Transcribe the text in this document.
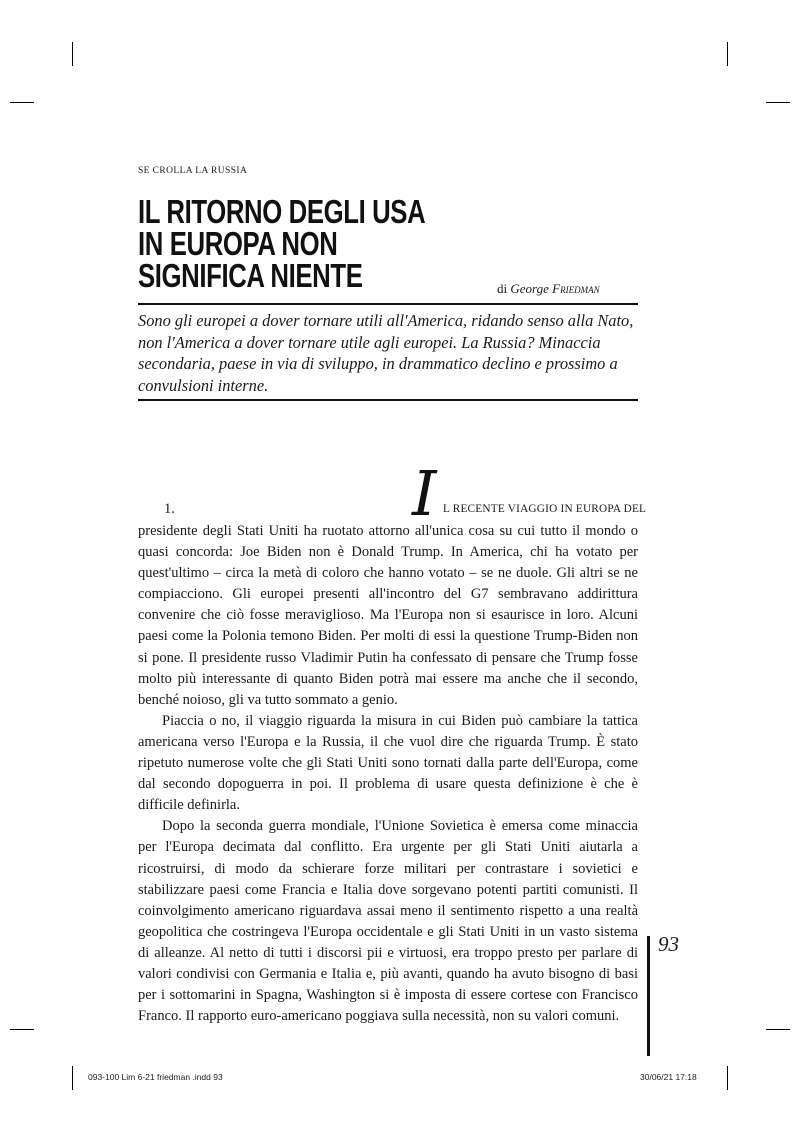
SE CROLLA LA RUSSIA
IL RITORNO DEGLI USA
IN EUROPA NON
SIGNIFICA NIENTE	di George Friedman

Sono gli europei a dover tornare utili all'America, ridando senso alla Nato, non l'America a dover tornare utile agli europei. La Russia? Minaccia secondaria, paese in via di sviluppo, in drammatico declino e prossimo a convulsioni interne.

1.	I L RECENTE VIAGGIO IN EUROPA DEL

presidente degli Stati Uniti ha ruotato attorno all'unica cosa su cui tutto il mondo o quasi concorda: Joe Biden non è Donald Trump. In America, chi ha votato per quest'ultimo – circa la metà di coloro che hanno votato – se ne duole. Gli altri se ne compiacciono. Gli europei presenti all'incontro del G7 sembravano addirittura convenire che ciò fosse meraviglioso. Ma l'Europa non si esaurisce in loro. Alcuni paesi come la Polonia temono Biden. Per molti di essi la questione Trump-Biden non si pone. Il presidente russo Vladimir Putin ha confessato di pensare che Trump fosse molto più interessante di quanto Biden potrà mai essere ma anche che il secondo, benché noioso, gli va tutto sommato a genio.

Piaccia o no, il viaggio riguarda la misura in cui Biden può cambiare la tattica americana verso l'Europa e la Russia, il che vuol dire che riguarda Trump. È stato ripetuto numerose volte che gli Stati Uniti sono tornati dalla parte dell'Europa, come dal secondo dopoguerra in poi. Il problema di usare questa definizione è che è difficile definirla.

Dopo la seconda guerra mondiale, l'Unione Sovietica è emersa come minaccia per l'Europa decimata dal conflitto. Era urgente per gli Stati Uniti aiutarla a ricostruirsi, di modo da schierare forze militari per contrastare i sovietici e stabilizzare paesi come Francia e Italia dove sorgevano potenti partiti comunisti. Il coinvolgimento americano riguardava assai meno il sentimento rispetto a una realtà geopolitica che costringeva l'Europa occidentale e gli Stati Uniti in un vasto sistema di alleanze. Al netto di tutti i discorsi pii e virtuosi, era troppo presto per parlare di valori condivisi con Germania e Italia e, più avanti, quando ha avuto bisogno di basi per i sottomarini in Spagna, Washington si è imposta di essere cortese con Francisco Franco. Il rapporto euro-americano poggiava sulla necessità, non su valori comuni.

93
093-100 Lim 6-21 friedman .indd 93	30/06/21 17:18
